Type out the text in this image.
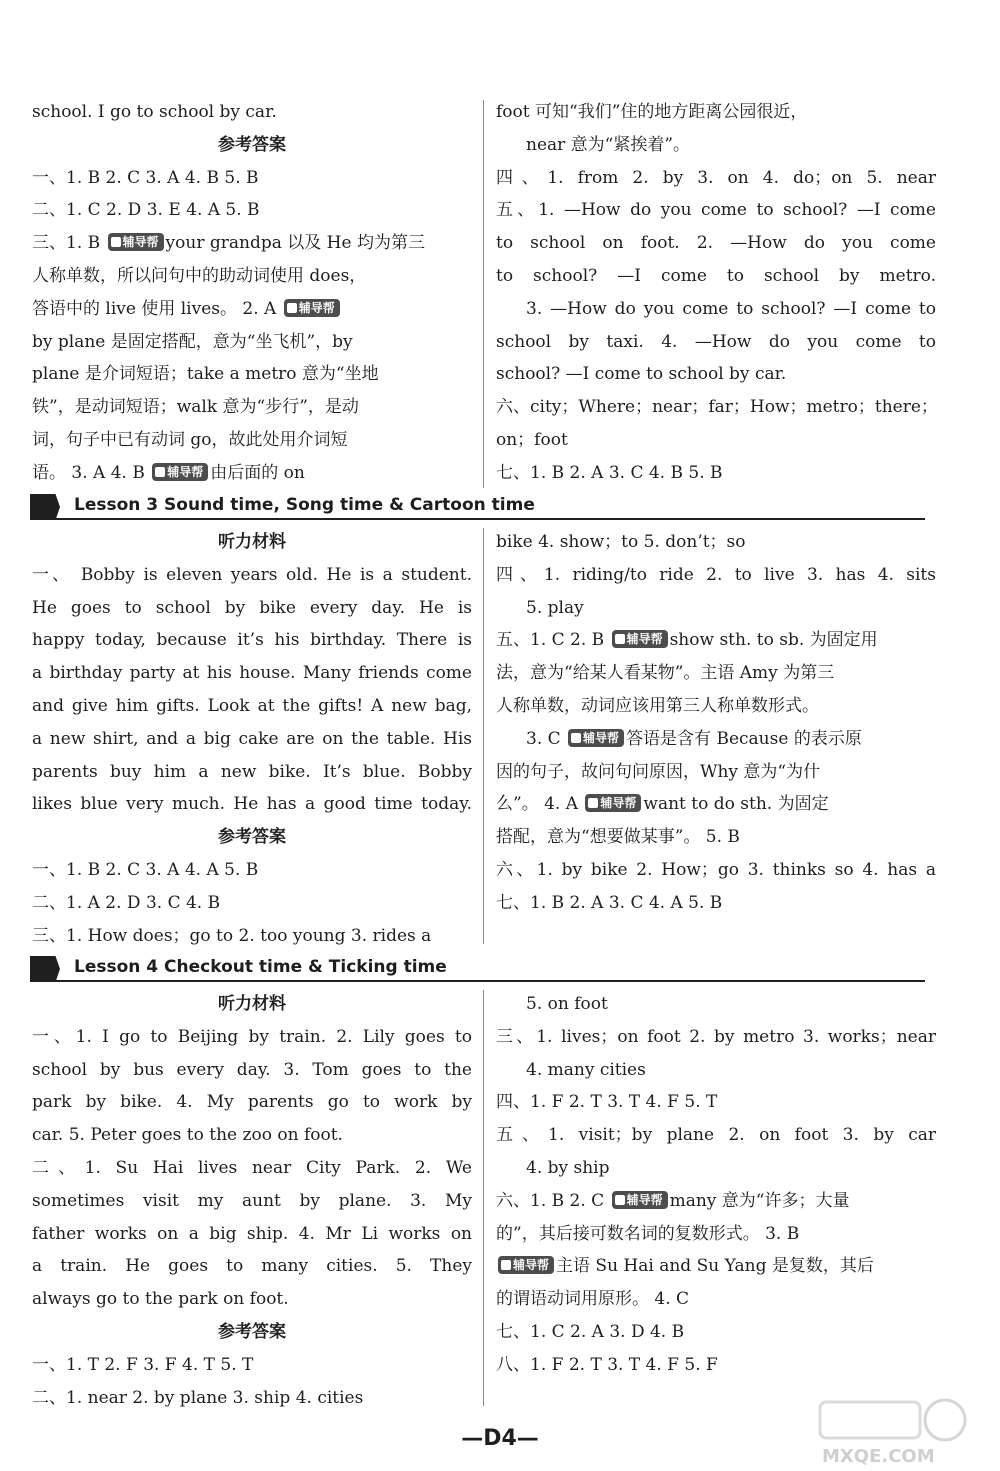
school. I go to school by car.
参考答案
一、1. B 2. C 3. A 4. B 5. B
二、1. C 2. D 3. E 4. A 5. B
三、1. B 辅导帮 your grandpa 以及 He 均为第三
人称单数，所以问句中的助动词使用 does，
答语中的 live 使用 lives。 2. A 辅导帮
by plane 是固定搭配，意为“坐飞机”，by
plane 是介词短语；take a metro 意为“坐地
铁”，是动词短语；walk 意为“步行”，是动
词，句子中已有动词 go，故此处用介词短
语。 3. A 4. B 辅导帮 由后面的 on
foot 可知“我们”住的地方距离公园很近，
near 意为“紧挨着”。
四、1. from 2. by 3. on 4. do；on 5. near
五、1. —How do you come to school? —I come
to school on foot. 2. —How do you come
to school? —I come to school by metro.
3. —How do you come to school? —I come to
school by taxi. 4. —How do you come to
school? —I come to school by car.
六、city；Where；near；far；How；metro；there；
on；foot
七、1. B 2. A 3. C 4. B 5. B
Lesson 3 Sound time, Song time & Cartoon time
听力材料
一、 Bobby is eleven years old. He is a student.
He goes to school by bike every day. He is
happy today, because it’s his birthday. There is
a birthday party at his house. Many friends come
and give him gifts. Look at the gifts! A new bag,
a new shirt, and a big cake are on the table. His
parents buy him a new bike. It’s blue. Bobby
likes blue very much. He has a good time today.
参考答案
一、1. B 2. C 3. A 4. A 5. B
二、1. A 2. D 3. C 4. B
三、1. How does；go to 2. too young 3. rides a
bike 4. show；to 5. don’t；so
四、1. riding/to ride 2. to live 3. has 4. sits
5. play
五、1. C 2. B 辅导帮 show sth. to sb. 为固定用
法，意为“给某人看某物”。主语 Amy 为第三
人称单数，动词应该用第三人称单数形式。
3. C 辅导帮 答语是含有 Because 的表示原
因的句子，故问句问原因，Why 意为“为什
么”。 4. A 辅导帮 want to do sth. 为固定
搭配，意为“想要做某事”。 5. B
六、1. by bike 2. How；go 3. thinks so 4. has a
七、1. B 2. A 3. C 4. A 5. B
Lesson 4 Checkout time & Ticking time
听力材料
一、1. I go to Beijing by train. 2. Lily goes to
school by bus every day. 3. Tom goes to the
park by bike. 4. My parents go to work by
car. 5. Peter goes to the zoo on foot.
二、1. Su Hai lives near City Park. 2. We
sometimes visit my aunt by plane. 3. My
father works on a big ship. 4. Mr Li works on
a train. He goes to many cities. 5. They
always go to the park on foot.
参考答案
一、1. T 2. F 3. F 4. T 5. T
二、1. near 2. by plane 3. ship 4. cities
5. on foot
三、1. lives；on foot 2. by metro 3. works；near
4. many cities
四、1. F 2. T 3. T 4. F 5. T
五、1. visit；by plane 2. on foot 3. by car
4. by ship
六、1. B 2. C 辅导帮 many 意为“许多；大量
的”，其后接可数名词的复数形式。 3. B
辅导帮 主语 Su Hai and Su Yang 是复数，其后
的谓语动词用原形。 4. C
七、1. C 2. A 3. D 4. B
八、1. F 2. T 3. T 4. F 5. F
—D4—
MXQE.COM
